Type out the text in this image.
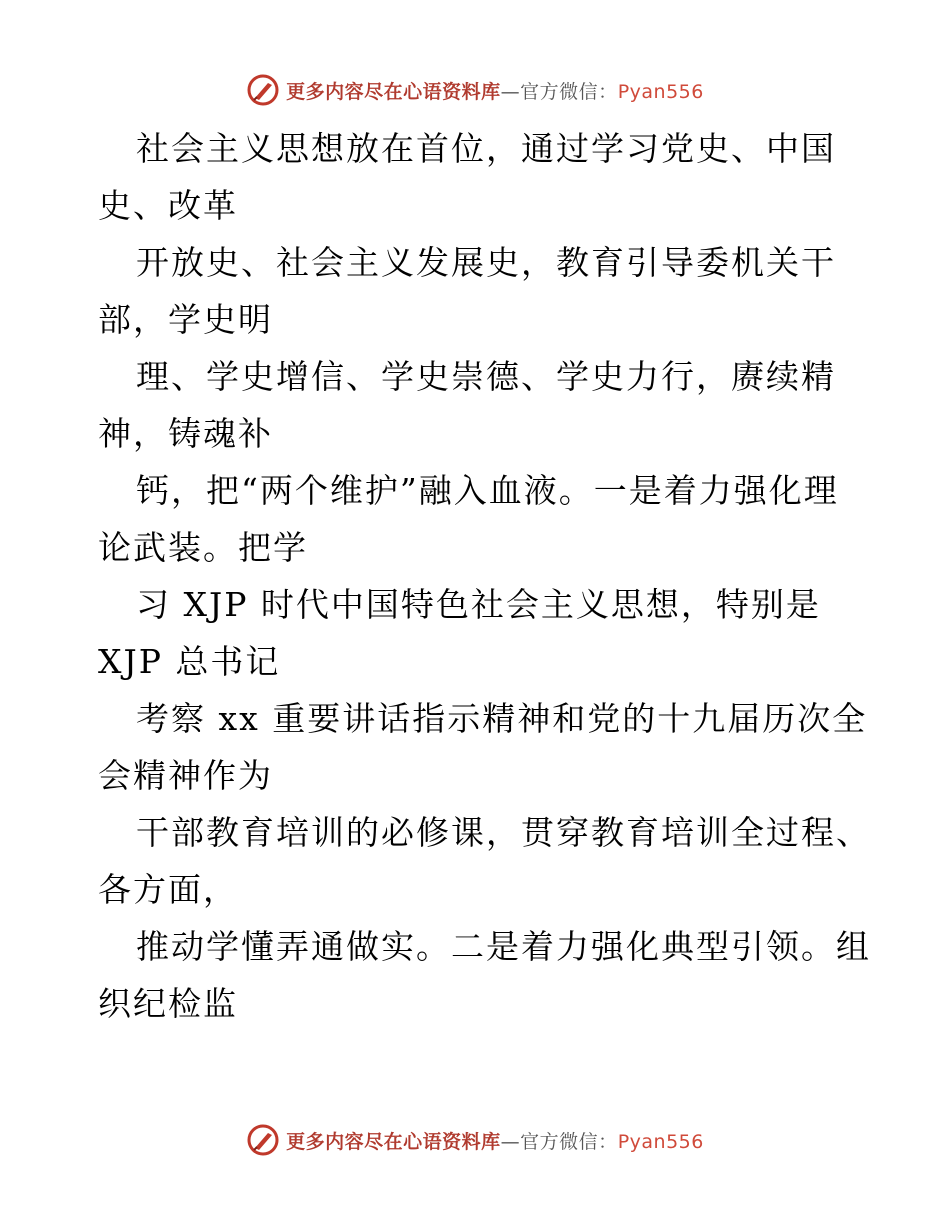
更多内容尽在心语资料库—官方微信：Pyan556
社会主义思想放在首位，通过学习党史、中国
史、改革
开放史、社会主义发展史，教育引导委机关干
部，学史明
理、学史增信、学史崇德、学史力行，赓续精
神，铸魂补
钙，把“两个维护”融入血液。一是着力强化理
论武装。把学
习 XJP 时代中国特色社会主义思想，特别是
XJP 总书记
考察 xx 重要讲话指示精神和党的十九届历次全
会精神作为
干部教育培训的必修课，贯穿教育培训全过程、
各方面，
推动学懂弄通做实。二是着力强化典型引领。组
织纪检监
更多内容尽在心语资料库—官方微信：Pyan556
